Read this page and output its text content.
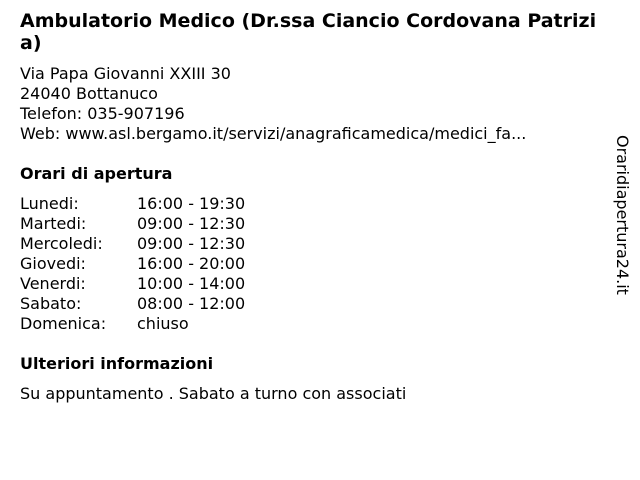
Ambulatorio Medico (Dr.ssa Ciancio Cordovana Patrizia)
Via Papa Giovanni XXIII 30
24040 Bottanuco
Telefon: 035-907196
Web: www.asl.bergamo.it/servizi/anagraficamedica/medici_fa...
Orari di apertura
Lunedi:	16:00 - 19:30
Martedi:	09:00 - 12:30
Mercoledi:	09:00 - 12:30
Giovedi:	16:00 - 20:00
Venerdi:	10:00 - 14:00
Sabato:	08:00 - 12:00
Domenica:	chiuso
Ulteriori informazioni
Su appuntamento . Sabato a turno con associati
Oraridiapertura24.it
